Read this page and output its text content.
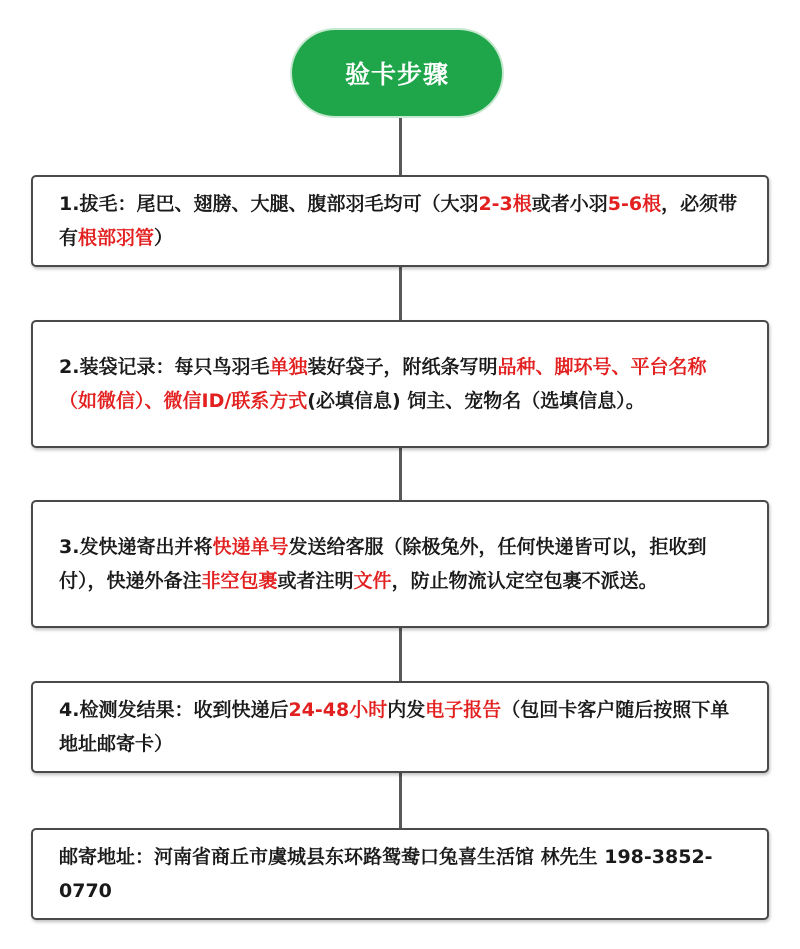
验卡步骤

1.拔毛：尾巴、翅膀、大腿、腹部羽毛均可（大羽2-3根或者小羽5-6根，必须带有根部羽管）

2.装袋记录：每只鸟羽毛单独装好袋子，附纸条写明品种、脚环号、平台名称（如微信）、微信ID/联系方式(必填信息) 饲主、宠物名（选填信息）。

3.发快递寄出并将快递单号发送给客服（除极兔外，任何快递皆可以，拒收到付），快递外备注非空包裹或者注明文件，防止物流认定空包裹不派送。

4.检测发结果：收到快递后24-48小时内发电子报告（包回卡客户随后按照下单地址邮寄卡）

邮寄地址：河南省商丘市虞城县东环路鸳鸯口兔喜生活馆 林先生 198-3852-0770
